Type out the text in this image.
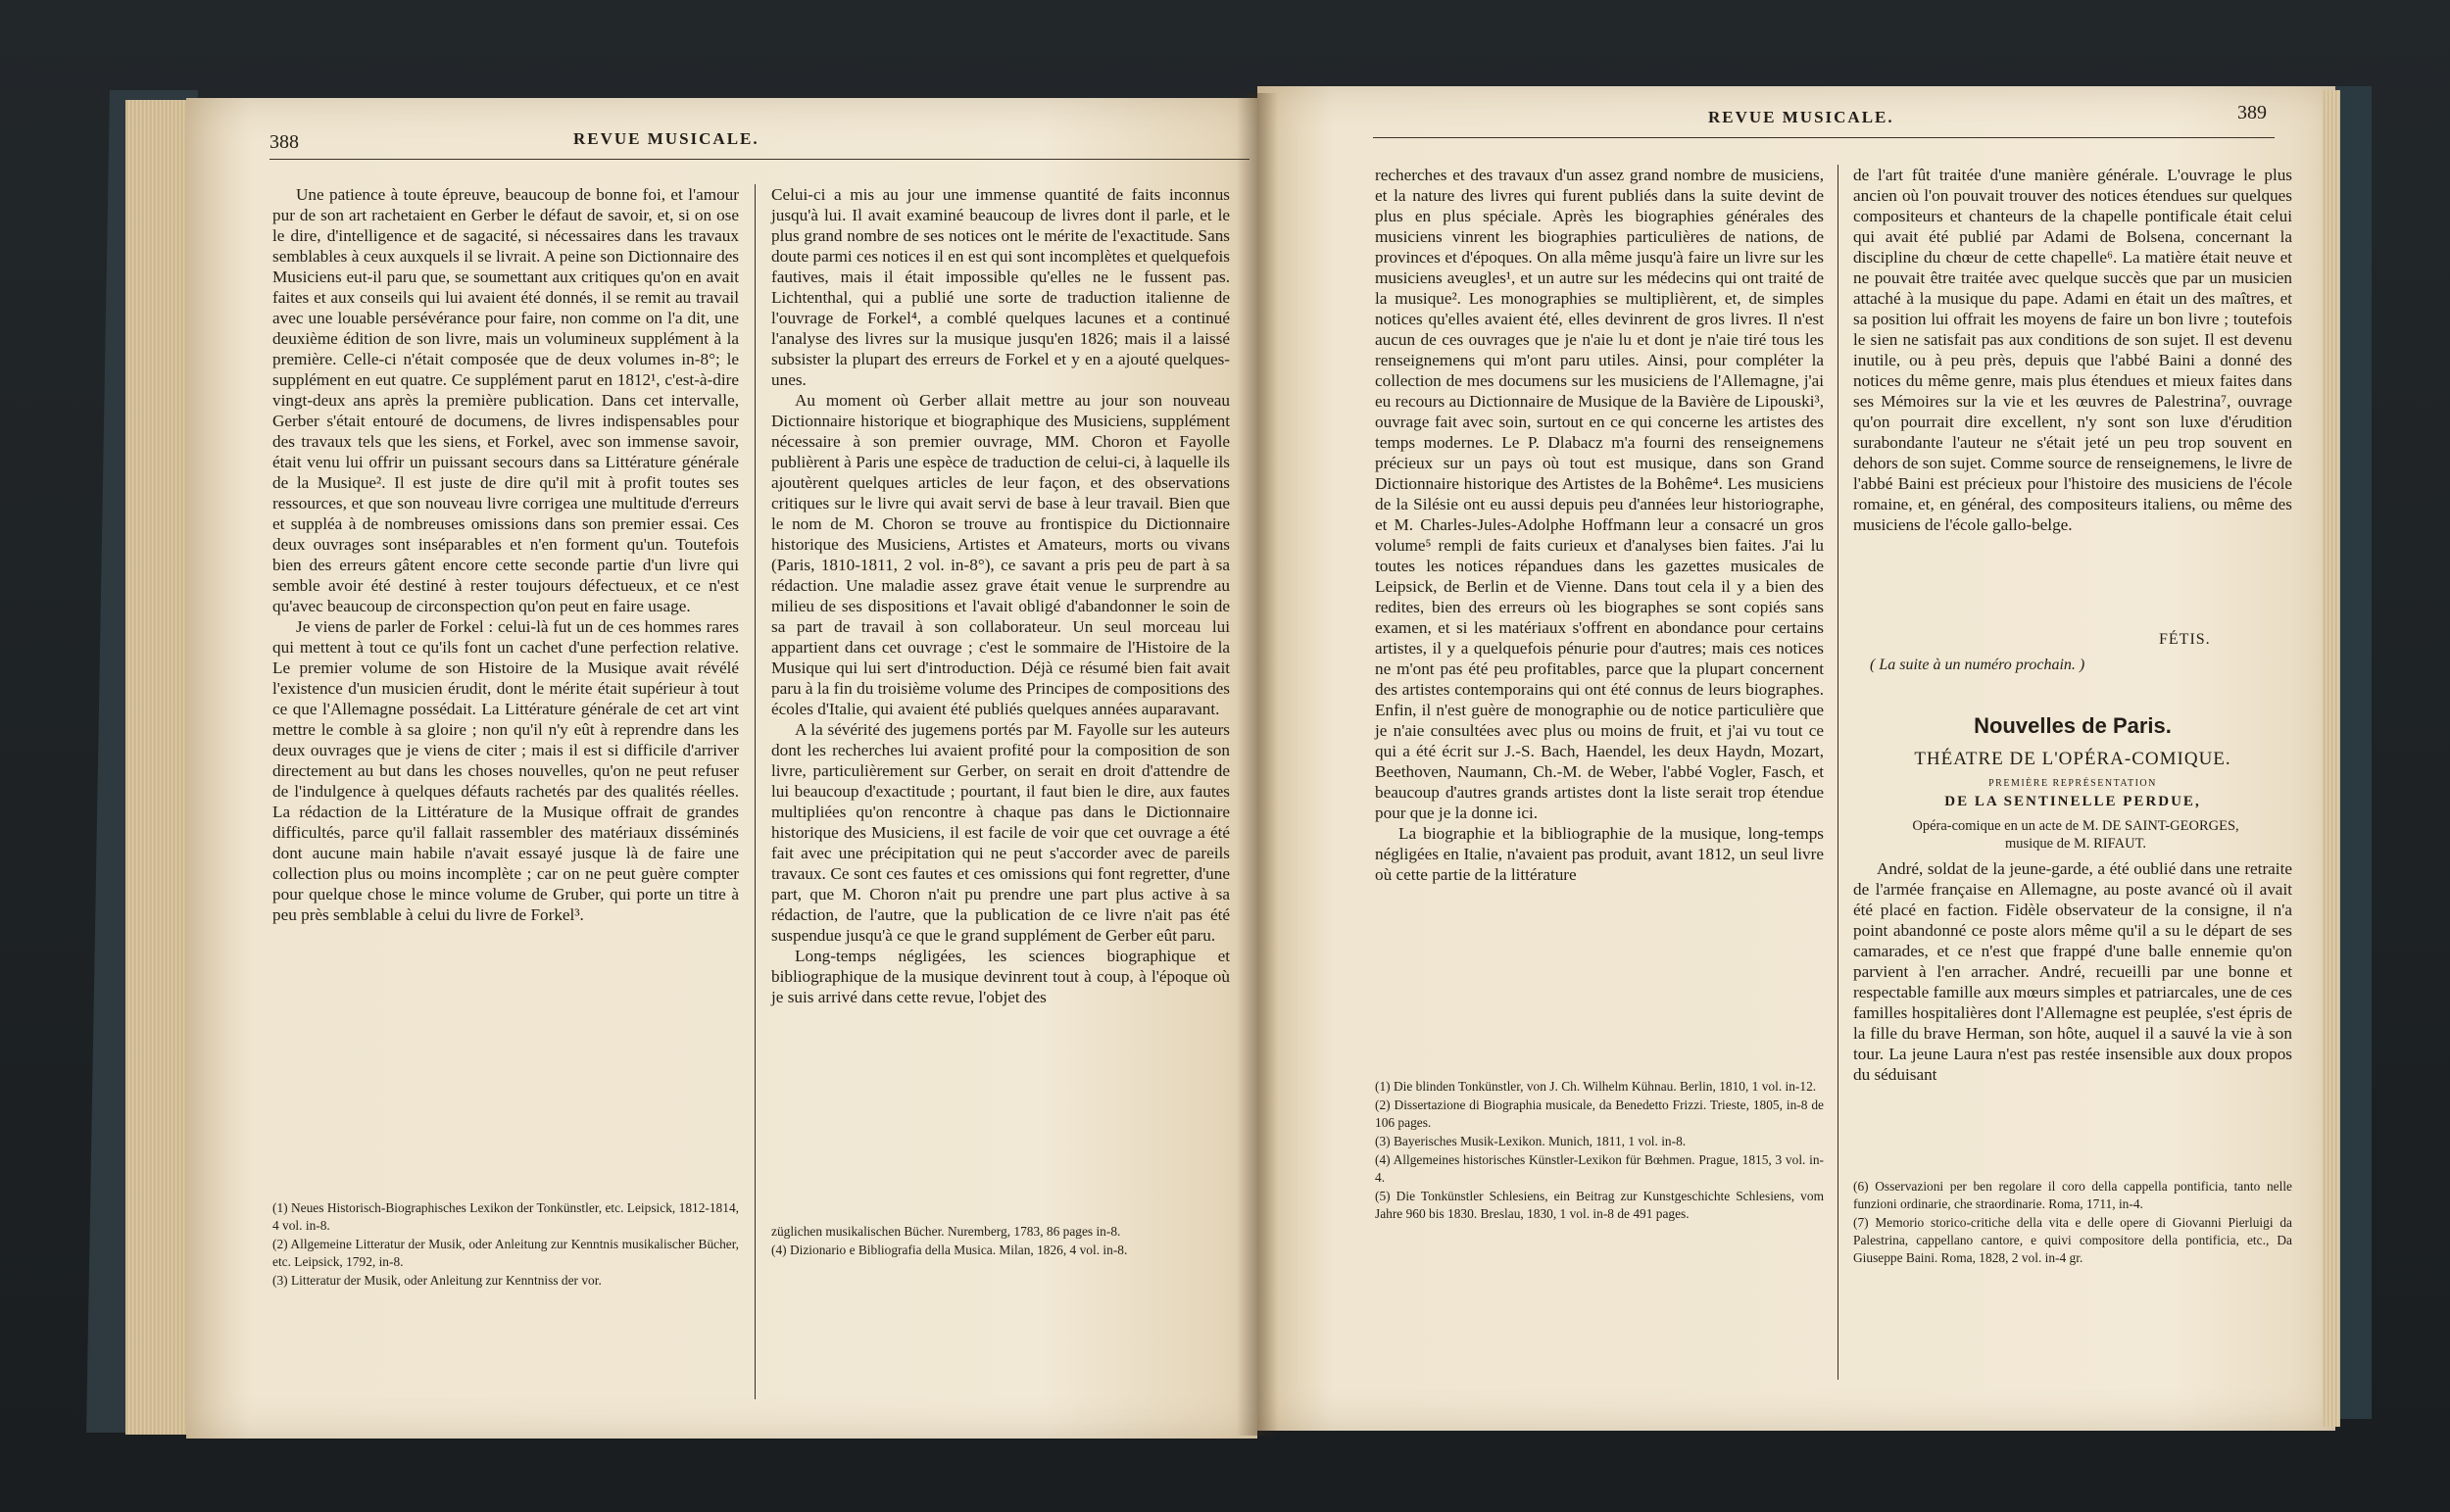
388	REVUE MUSICALE.

Une patience à toute épreuve, beaucoup de bonne foi, et l'amour pur de son art rachetaient en Gerber le défaut de savoir, et, si on ose le dire, d'intelligence et de sagacité, si nécessaires dans les travaux semblables à ceux auxquels il se livrait. A peine son Dictionnaire des Musiciens eut-il paru que, se soumettant aux critiques qu'on en avait faites et aux conseils qui lui avaient été donnés, il se remit au travail avec une louable persévérance pour faire, non comme on l'a dit, une deuxième édition de son livre, mais un volumineux supplément à la première. Celle-ci n'était composée que de deux volumes in-8°; le supplément en eut quatre. Ce supplément parut en 1812¹, c'est-à-dire vingt-deux ans après la première publication. Dans cet intervalle, Gerber s'était entouré de documens, de livres indispensables pour des travaux tels que les siens, et Forkel, avec son immense savoir, était venu lui offrir un puissant secours dans sa Littérature générale de la Musique². Il est juste de dire qu'il mit à profit toutes ses ressources, et que son nouveau livre corrigea une multitude d'erreurs et suppléa à de nombreuses omissions dans son premier essai. Ces deux ouvrages sont inséparables et n'en forment qu'un. Toutefois bien des erreurs gâtent encore cette seconde partie d'un livre qui semble avoir été destiné à rester toujours défectueux, et ce n'est qu'avec beaucoup de circonspection qu'on peut en faire usage.

Je viens de parler de Forkel : celui-là fut un de ces hommes rares qui mettent à tout ce qu'ils font un cachet d'une perfection relative. Le premier volume de son Histoire de la Musique avait révélé l'existence d'un musicien érudit, dont le mérite était supérieur à tout ce que l'Allemagne possédait. La Littérature générale de cet art vint mettre le comble à sa gloire ; non qu'il n'y eût à reprendre dans les deux ouvrages que je viens de citer ; mais il est si difficile d'arriver directement au but dans les choses nouvelles, qu'on ne peut refuser de l'indulgence à quelques défauts rachetés par des qualités réelles. La rédaction de la Littérature de la Musique offrait de grandes difficultés, parce qu'il fallait rassembler des matériaux disséminés dont aucune main habile n'avait essayé jusque là de faire une collection plus ou moins incomplète ; car on ne peut guère compter pour quelque chose le mince volume de Gruber, qui porte un titre à peu près semblable à celui du livre de Forkel³.

(1) Neues Historisch-Biographisches Lexikon der Tonkünstler, etc. Leipsick, 1812-1814, 4 vol. in-8.

(2) Allgemeine Litteratur der Musik, oder Anleitung zur Kenntnis musikalischer Bücher, etc. Leipsick, 1792, in-8.

(3) Litteratur der Musik, oder Anleitung zur Kenntniss der vor.

Celui-ci a mis au jour une immense quantité de faits inconnus jusqu'à lui. Il avait examiné beaucoup de livres dont il parle, et le plus grand nombre de ses notices ont le mérite de l'exactitude. Sans doute parmi ces notices il en est qui sont incomplètes et quelquefois fautives, mais il était impossible qu'elles ne le fussent pas. Lichtenthal, qui a publié une sorte de traduction italienne de l'ouvrage de Forkel⁴, a comblé quelques lacunes et a continué l'analyse des livres sur la musique jusqu'en 1826; mais il a laissé subsister la plupart des erreurs de Forkel et y en a ajouté quelques-unes.

Au moment où Gerber allait mettre au jour son nouveau Dictionnaire historique et biographique des Musiciens, supplément nécessaire à son premier ouvrage, MM. Choron et Fayolle publièrent à Paris une espèce de traduction de celui-ci, à laquelle ils ajoutèrent quelques articles de leur façon, et des observations critiques sur le livre qui avait servi de base à leur travail. Bien que le nom de M. Choron se trouve au frontispice du Dictionnaire historique des Musiciens, Artistes et Amateurs, morts ou vivans (Paris, 1810-1811, 2 vol. in-8°), ce savant a pris peu de part à sa rédaction. Une maladie assez grave était venue le surprendre au milieu de ses dispositions et l'avait obligé d'abandonner le soin de sa part de travail à son collaborateur. Un seul morceau lui appartient dans cet ouvrage ; c'est le sommaire de l'Histoire de la Musique qui lui sert d'introduction. Déjà ce résumé bien fait avait paru à la fin du troisième volume des Principes de compositions des écoles d'Italie, qui avaient été publiés quelques années auparavant.

A la sévérité des jugemens portés par M. Fayolle sur les auteurs dont les recherches lui avaient profité pour la composition de son livre, particulièrement sur Gerber, on serait en droit d'attendre de lui beaucoup d'exactitude ; pourtant, il faut bien le dire, aux fautes multipliées qu'on rencontre à chaque pas dans le Dictionnaire historique des Musiciens, il est facile de voir que cet ouvrage a été fait avec une précipitation qui ne peut s'accorder avec de pareils travaux. Ce sont ces fautes et ces omissions qui font regretter, d'une part, que M. Choron n'ait pu prendre une part plus active à sa rédaction, de l'autre, que la publication de ce livre n'ait pas été suspendue jusqu'à ce que le grand supplément de Gerber eût paru.

Long-temps négligées, les sciences biographique et bibliographique de la musique devinrent tout à coup, à l'époque où je suis arrivé dans cette revue, l'objet des

züglichen musikalischen Bücher. Nuremberg, 1783, 86 pages in-8.

(4) Dizionario e Bibliografia della Musica. Milan, 1826, 4 vol. in-8.

REVUE MUSICALE.	389

recherches et des travaux d'un assez grand nombre de musiciens, et la nature des livres qui furent publiés dans la suite devint de plus en plus spéciale. Après les biographies générales des musiciens vinrent les biographies particulières de nations, de provinces et d'époques. On alla même jusqu'à faire un livre sur les musiciens aveugles¹, et un autre sur les médecins qui ont traité de la musique². Les monographies se multiplièrent, et, de simples notices qu'elles avaient été, elles devinrent de gros livres. Il n'est aucun de ces ouvrages que je n'aie lu et dont je n'aie tiré tous les renseignemens qui m'ont paru utiles. Ainsi, pour compléter la collection de mes documens sur les musiciens de l'Allemagne, j'ai eu recours au Dictionnaire de Musique de la Bavière de Lipouski³, ouvrage fait avec soin, surtout en ce qui concerne les artistes des temps modernes. Le P. Dlabacz m'a fourni des renseignemens précieux sur un pays où tout est musique, dans son Grand Dictionnaire historique des Artistes de la Bohême⁴. Les musiciens de la Silésie ont eu aussi depuis peu d'années leur historiographe, et M. Charles-Jules-Adolphe Hoffmann leur a consacré un gros volume⁵ rempli de faits curieux et d'analyses bien faites. J'ai lu toutes les notices répandues dans les gazettes musicales de Leipsick, de Berlin et de Vienne. Dans tout cela il y a bien des redites, bien des erreurs où les biographes se sont copiés sans examen, et si les matériaux s'offrent en abondance pour certains artistes, il y a quelquefois pénurie pour d'autres; mais ces notices ne m'ont pas été peu profitables, parce que la plupart concernent des artistes contemporains qui ont été connus de leurs biographes. Enfin, il n'est guère de monographie ou de notice particulière que je n'aie consultées avec plus ou moins de fruit, et j'ai vu tout ce qui a été écrit sur J.-S. Bach, Haendel, les deux Haydn, Mozart, Beethoven, Naumann, Ch.-M. de Weber, l'abbé Vogler, Fasch, et beaucoup d'autres grands artistes dont la liste serait trop étendue pour que je la donne ici.

La biographie et la bibliographie de la musique, long-temps négligées en Italie, n'avaient pas produit, avant 1812, un seul livre où cette partie de la littérature

(1) Die blinden Tonkünstler, von J. Ch. Wilhelm Kühnau. Berlin, 1810, 1 vol. in-12.

(2) Dissertazione di Biographia musicale, da Benedetto Frizzi. Trieste, 1805, in-8 de 106 pages.

(3) Bayerisches Musik-Lexikon. Munich, 1811, 1 vol. in-8.

(4) Allgemeines historisches Künstler-Lexikon für Bœhmen. Prague, 1815, 3 vol. in-4.

(5) Die Tonkünstler Schlesiens, ein Beitrag zur Kunstgeschichte Schlesiens, vom Jahre 960 bis 1830. Breslau, 1830, 1 vol. in-8 de 491 pages.

de l'art fût traitée d'une manière générale. L'ouvrage le plus ancien où l'on pouvait trouver des notices étendues sur quelques compositeurs et chanteurs de la chapelle pontificale était celui qui avait été publié par Adami de Bolsena, concernant la discipline du chœur de cette chapelle⁶. La matière était neuve et ne pouvait être traitée avec quelque succès que par un musicien attaché à la musique du pape. Adami en était un des maîtres, et sa position lui offrait les moyens de faire un bon livre ; toutefois le sien ne satisfait pas aux conditions de son sujet. Il est devenu inutile, ou à peu près, depuis que l'abbé Baini a donné des notices du même genre, mais plus étendues et mieux faites dans ses Mémoires sur la vie et les œuvres de Palestrina⁷, ouvrage qu'on pourrait dire excellent, n'y sont son luxe d'érudition surabondante l'auteur ne s'était jeté un peu trop souvent en dehors de son sujet. Comme source de renseignemens, le livre de l'abbé Baini est précieux pour l'histoire des musiciens de l'école romaine, et, en général, des compositeurs italiens, ou même des musiciens de l'école gallo-belge.

FÉTIS.
( La suite à un numéro prochain. )
Nouvelles de Paris.
THÉATRE DE L'OPÉRA-COMIQUE.
PREMIÈRE REPRÉSENTATION
DE LA SENTINELLE PERDUE,
Opéra-comique en un acte de M. DE SAINT-GEORGES, musique de M. RIFAUT.

André, soldat de la jeune-garde, a été oublié dans une retraite de l'armée française en Allemagne, au poste avancé où il avait été placé en faction. Fidèle observateur de la consigne, il n'a point abandonné ce poste alors même qu'il a su le départ de ses camarades, et ce n'est que frappé d'une balle ennemie qu'on parvient à l'en arracher. André, recueilli par une bonne et respectable famille aux mœurs simples et patriarcales, une de ces familles hospitalières dont l'Allemagne est peuplée, s'est épris de la fille du brave Herman, son hôte, auquel il a sauvé la vie à son tour. La jeune Laura n'est pas restée insensible aux doux propos du séduisant

(6) Osservazioni per ben regolare il coro della cappella pontificia, tanto nelle funzioni ordinarie, che straordinarie. Roma, 1711, in-4.

(7) Memorio storico-critiche della vita e delle opere di Giovanni Pierluigi da Palestrina, cappellano cantore, e quivi compositore della pontificia, etc., Da Giuseppe Baini. Roma, 1828, 2 vol. in-4 gr.
